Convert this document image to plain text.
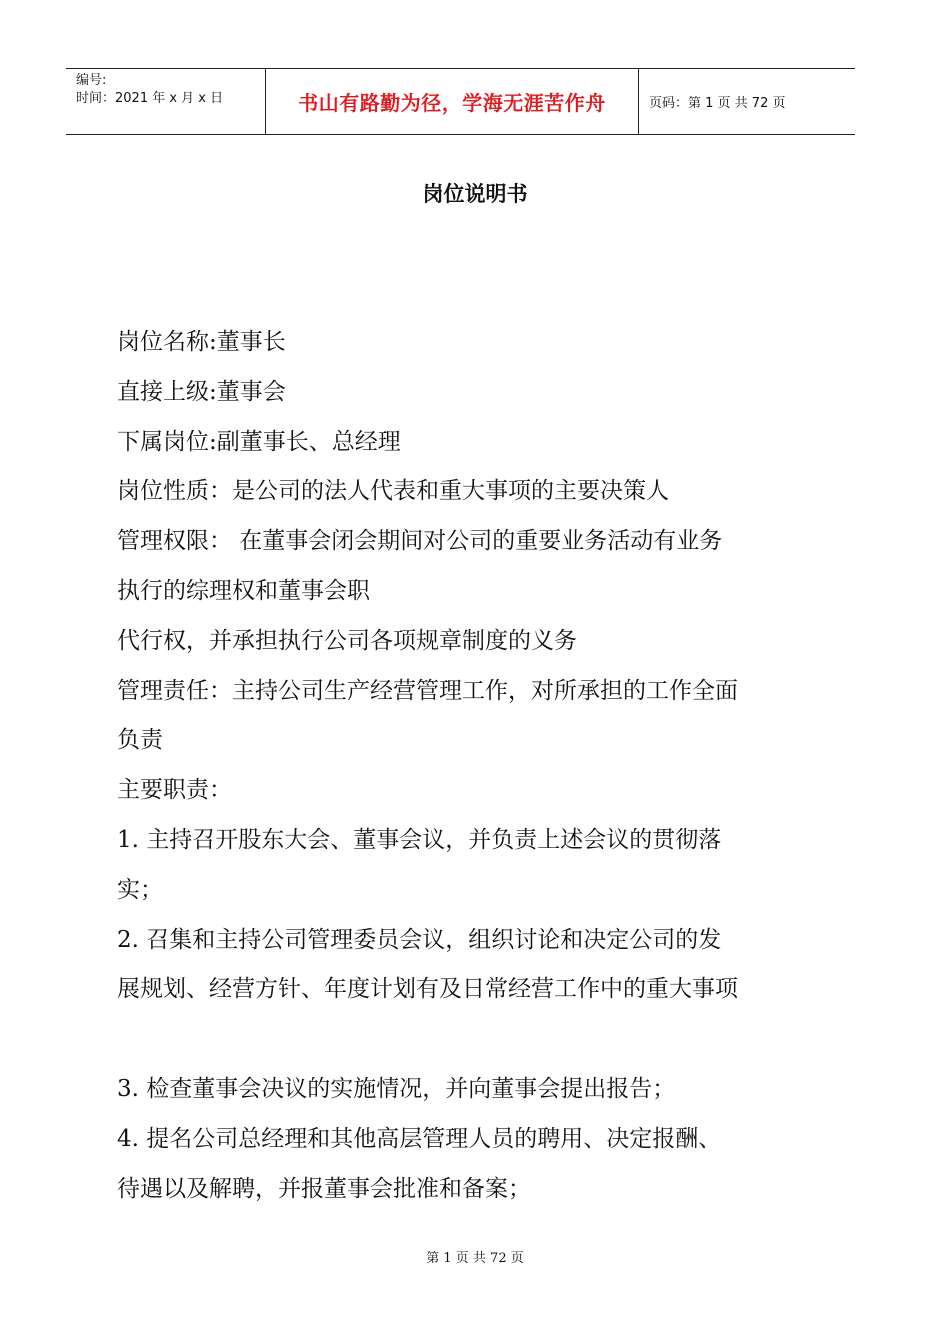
编号:
时间：2021 年 x 月 x 日	书山有路勤为径，学海无涯苦作舟	页码：第 1 页 共 72 页
岗位说明书

岗位名称:董事长

直接上级:董事会

下属岗位:副董事长、总经理

岗位性质：是公司的法人代表和重大事项的主要决策人

管理权限： 在董事会闭会期间对公司的重要业务活动有业务

执行的综理权和董事会职

代行权，并承担执行公司各项规章制度的义务

管理责任：主持公司生产经营管理工作，对所承担的工作全面

负责

主要职责：

1. 主持召开股东大会、董事会议，并负责上述会议的贯彻落

实；

2. 召集和主持公司管理委员会议，组织讨论和决定公司的发

展规划、经营方针、年度计划有及日常经营工作中的重大事项

3. 检查董事会决议的实施情况，并向董事会提出报告；

4. 提名公司总经理和其他高层管理人员的聘用、决定报酬、

待遇以及解聘，并报董事会批准和备案；

第 1 页 共 72 页
